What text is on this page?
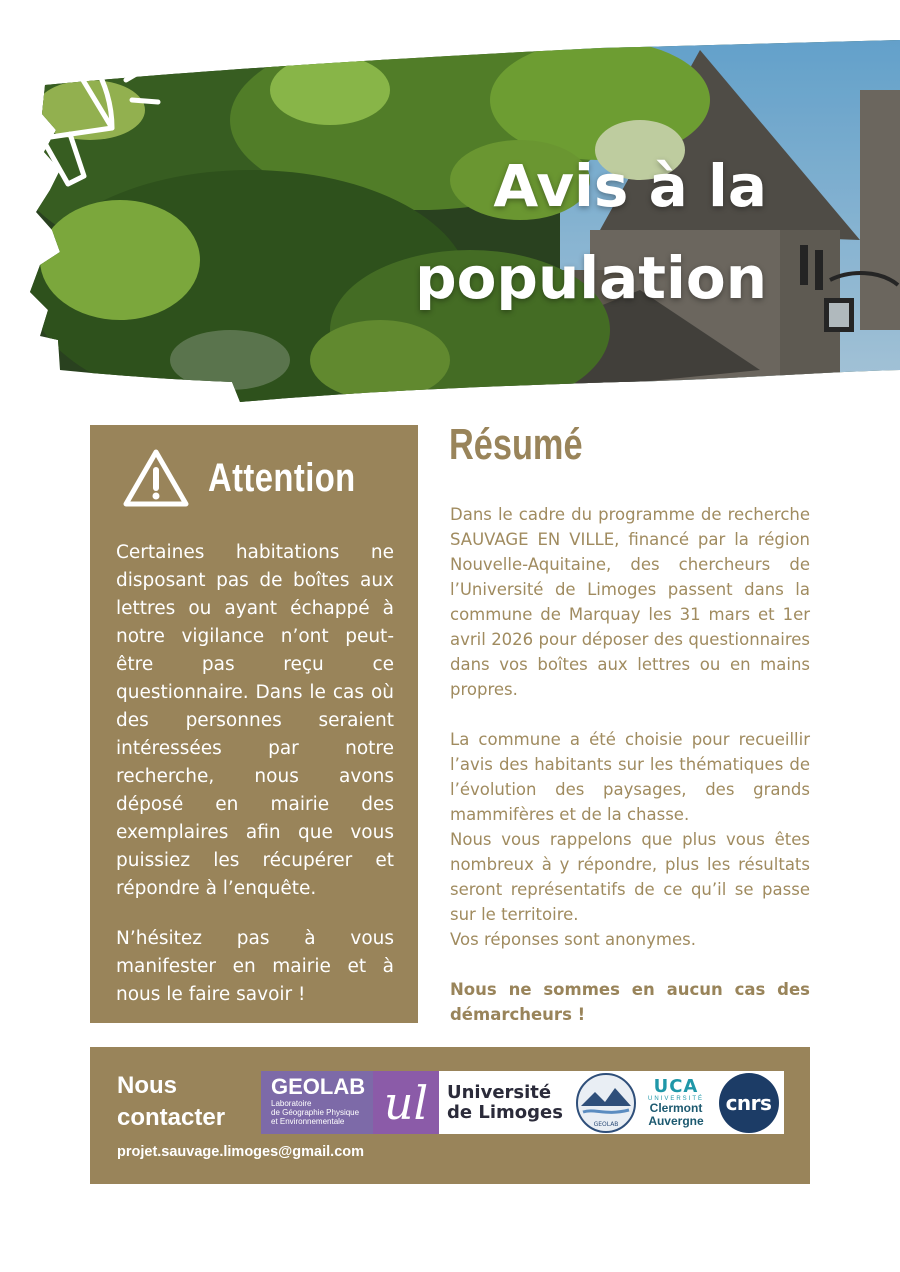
Avis à la
population
Attention

Certaines habitations ne disposant pas de boîtes aux lettres ou ayant échappé à notre vigilance n’ont peut-être pas reçu ce questionnaire. Dans le cas où des personnes seraient intéressées par notre recherche, nous avons déposé en mairie des exemplaires afin que vous puissiez les récupérer et répondre à l’enquête.

N’hésitez pas à vous manifester en mairie et à nous le faire savoir !

Résumé

Dans le cadre du programme de recherche SAUVAGE EN VILLE, financé par la région Nouvelle-Aquitaine, des chercheurs de l’Université de Limoges passent dans la commune de Marquay les 31 mars et 1er avril 2026 pour déposer des questionnaires dans vos boîtes aux lettres ou en mains propres.

La commune a été choisie pour recueillir l’avis des habitants sur les thématiques de l’évolution des paysages, des grands mammifères et de la chasse.

Nous vous rappelons que plus vous êtes nombreux à y répondre, plus les résultats seront représentatifs de ce qu’il se passe sur le territoire.

Vos réponses sont anonymes.

Nous ne sommes en aucun cas des démarcheurs !

Nous contacter
projet.sauvage.limoges@gmail.com
GEOLAB
Laboratoire
de Géographie Physique
et Environnementale ul	Université
de Limoges
GEOLAB
UCA
UNIVERSITÉ
Clermont
Auvergne
cnrs
